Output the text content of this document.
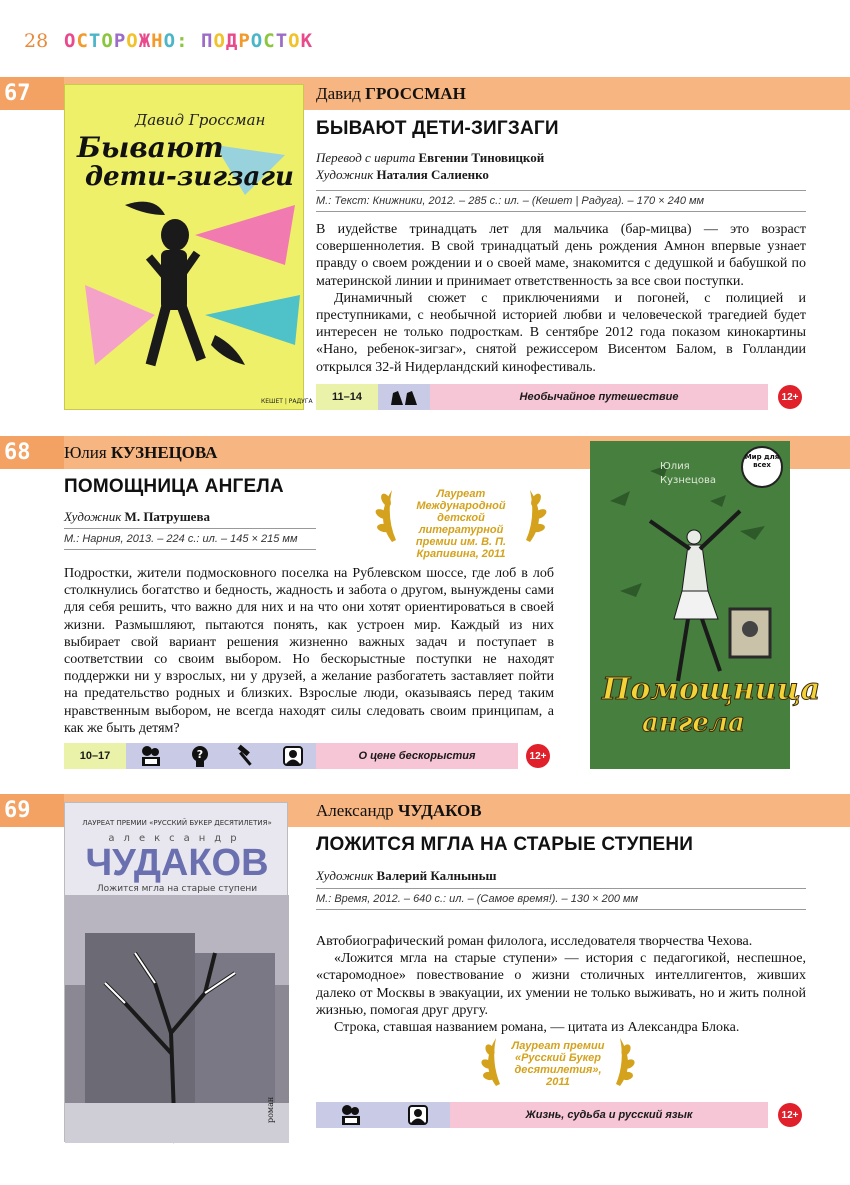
28 ОСТОРОЖНО: ПОДРОСТОК
67	Давид ГРОССМАН
Давид Гроссман
Бывают
дети-зигзаги
КЕШЕТ | РАДУГА
БЫВАЮТ ДЕТИ-ЗИГЗАГИ
Перевод с иврита Евгении Тиновицкой
Художник Наталия Салиенко
М.: Текст: Книжники, 2012. – 285 с.: ил. – (Кешет | Радуга). – 170 × 240 мм

В иудействе тринадцать лет для мальчика (бар-мицва) — это возраст совершеннолетия. В свой тринадцатый день рождения Амнон впервые узнает правду о своем рождении и о своей маме, знакомится с дедушкой и бабушкой по материнской линии и принимает ответственность за все свои поступки.

Динамичный сюжет с приключениями и погоней, с полицией и преступниками, с необычной историей любви и человеческой трагедией будет интересен не только подросткам. В сентябре 2012 года показом кинокартины «Нано, ребенок-зигзаг», снятой режиссером Висентом Балом, в Голландии открылся 32-й Нидерландский кинофестиваль.

11–14	Необычайное путешествие	12+
68	Юлия КУЗНЕЦОВА
ПОМОЩНИЦА АНГЕЛА
Художник М. Патрушева
М.: Нарния, 2013. – 224 с.: ил. – 145 × 215 мм
Лауреат Международной детской литературной премии им. В. П. Крапивина, 2011

Подростки, жители подмосковного поселка на Рублевском шоссе, где лоб в лоб столкнулись богатство и бедность, жадность и забота о другом, вынуждены сами для себя решить, что важно для них и на что они хотят ориентироваться в своей жизни. Размышляют, пытаются понять, как устроен мир. Каждый из них выбирает свой вариант решения жизненно важных задач и поступает в соответствии со своим выбором. Но бескорыстные поступки не находят поддержки ни у взрослых, ни у друзей, а желание разбогатеть заставляет пойти на предательство родных и близких. Взрослые люди, оказываясь перед таким нравственным выбором, не всегда находят силы следовать своим принципам, а как же быть детям?

10–17	?	О цене бескорыстия	12+
Юлия
Кузнецова
Мир для всех
Помощница
ангела
69	Александр ЧУДАКОВ
ЛАУРЕАТ ПРЕМИИ «РУССКИЙ БУКЕР ДЕСЯТИЛЕТИЯ»
александр
ЧУДАКОВ
Ложится мгла на старые ступени
роман
ЛОЖИТСЯ МГЛА НА СТАРЫЕ СТУПЕНИ
Художник Валерий Калныньш
М.: Время, 2012. – 640 с.: ил. – (Самое время!). – 130 × 200 мм

Автобиографический роман филолога, исследователя творчества Чехова.

«Ложится мгла на старые ступени» — история с педагогикой, неспешное, «старомодное» повествование о жизни столичных интеллигентов, живших далеко от Москвы в эвакуации, их умении не только выживать, но и жить полной жизнью, помогая друг другу.

Строка, ставшая названием романа, — цитата из Александра Блока.

Лауреат премии «Русский Букер десятилетия», 2011
Жизнь, судьба и русский язык	12+
